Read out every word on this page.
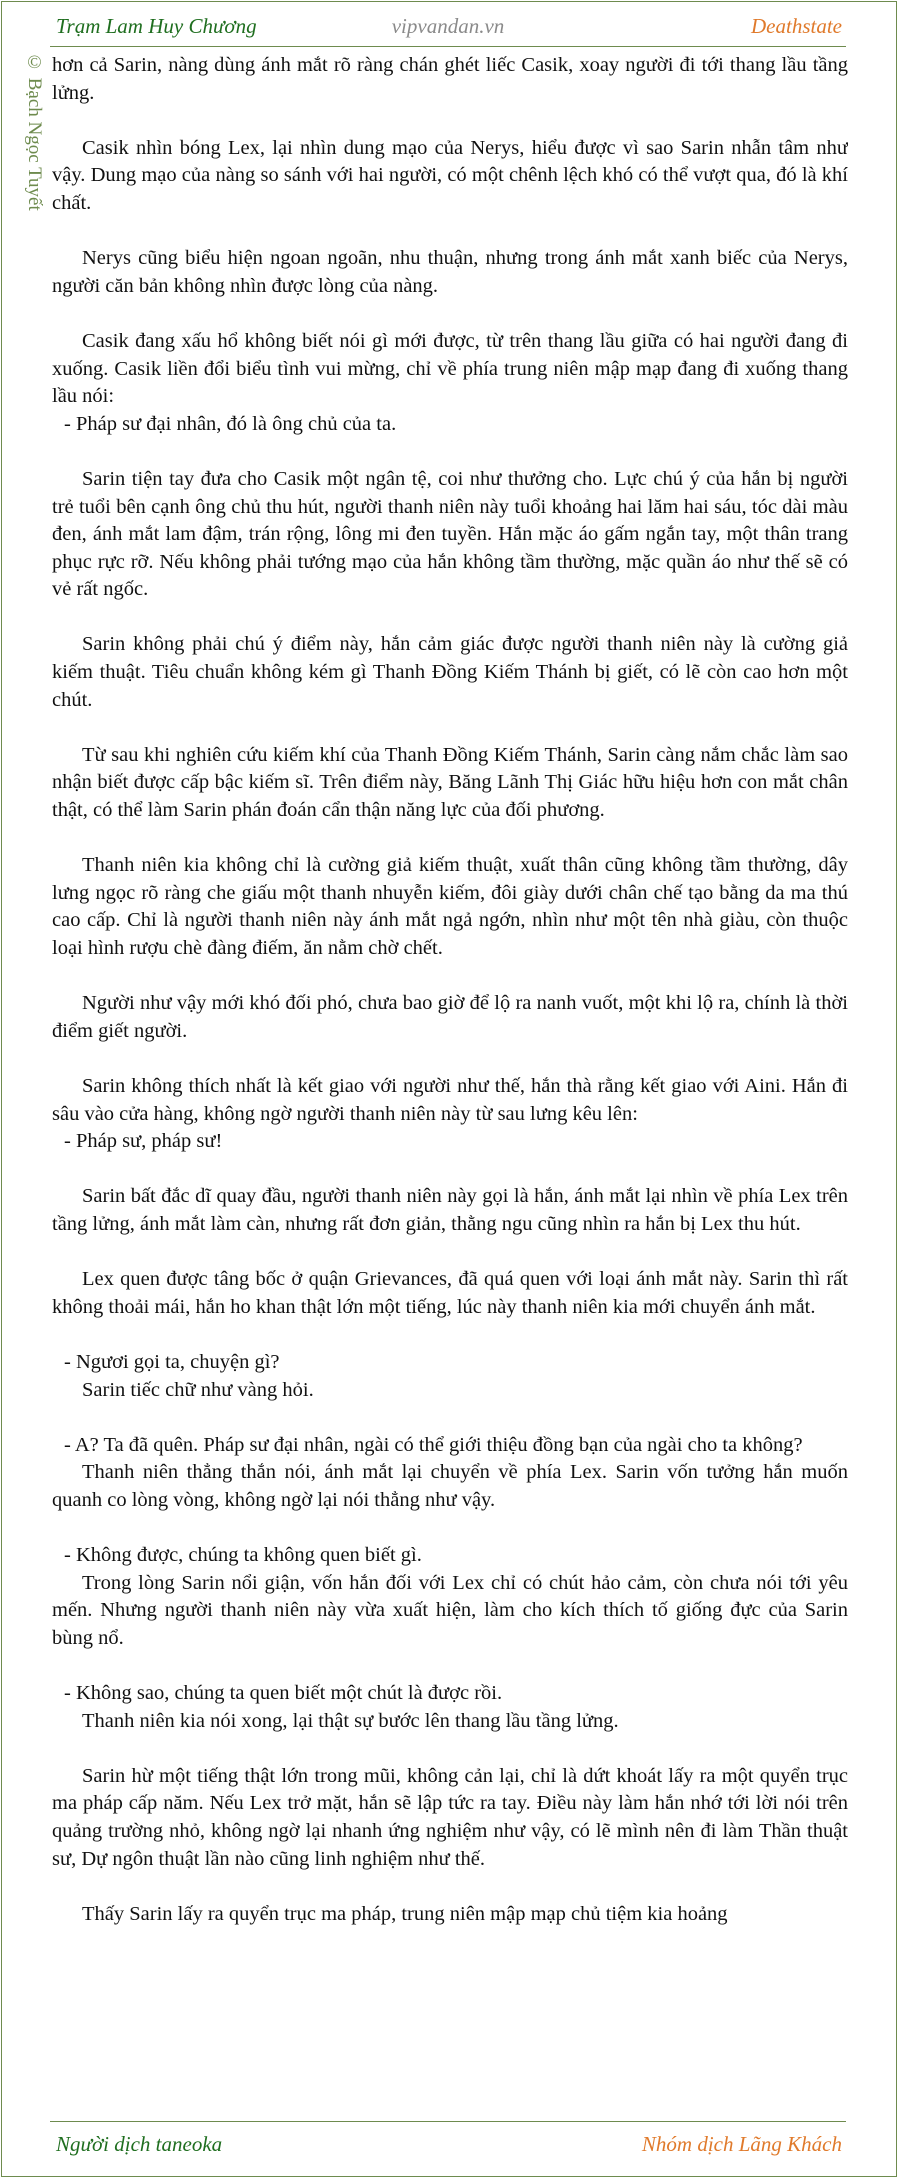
Trạm Lam Huy Chương	vipvandan.vn	Deathstate
© Bạch Ngọc Tuyết hơn cả Sarin, nàng dùng ánh mắt rõ ràng chán ghét liếc Casik, xoay người đi tới thang lầu tầng lửng.

Casik nhìn bóng Lex, lại nhìn dung mạo của Nerys, hiểu được vì sao Sarin nhẫn tâm như vậy. Dung mạo của nàng so sánh với hai người, có một chênh lệch khó có thể vượt qua, đó là khí chất.

Nerys cũng biểu hiện ngoan ngoãn, nhu thuận, nhưng trong ánh mắt xanh biếc của Nerys, người căn bản không nhìn được lòng của nàng.

Casik đang xấu hổ không biết nói gì mới được, từ trên thang lầu giữa có hai người đang đi xuống. Casik liền đổi biểu tình vui mừng, chỉ về phía trung niên mập mạp đang đi xuống thang lầu nói:

- Pháp sư đại nhân, đó là ông chủ của ta.

Sarin tiện tay đưa cho Casik một ngân tệ, coi như thưởng cho. Lực chú ý của hắn bị người trẻ tuổi bên cạnh ông chủ thu hút, người thanh niên này tuổi khoảng hai lăm hai sáu, tóc dài màu đen, ánh mắt lam đậm, trán rộng, lông mi đen tuyền. Hắn mặc áo gấm ngắn tay, một thân trang phục rực rỡ. Nếu không phải tướng mạo của hắn không tầm thường, mặc quần áo như thế sẽ có vẻ rất ngốc.

Sarin không phải chú ý điểm này, hắn cảm giác được người thanh niên này là cường giả kiếm thuật. Tiêu chuẩn không kém gì Thanh Đồng Kiếm Thánh bị giết, có lẽ còn cao hơn một chút.

Từ sau khi nghiên cứu kiếm khí của Thanh Đồng Kiếm Thánh, Sarin càng nắm chắc làm sao nhận biết được cấp bậc kiếm sĩ. Trên điểm này, Băng Lãnh Thị Giác hữu hiệu hơn con mắt chân thật, có thể làm Sarin phán đoán cẩn thận năng lực của đối phương.

Thanh niên kia không chỉ là cường giả kiếm thuật, xuất thân cũng không tầm thường, dây lưng ngọc rõ ràng che giấu một thanh nhuyễn kiếm, đôi giày dưới chân chế tạo bằng da ma thú cao cấp. Chỉ là người thanh niên này ánh mắt ngả ngớn, nhìn như một tên nhà giàu, còn thuộc loại hình rượu chè đàng điếm, ăn nằm chờ chết.

Người như vậy mới khó đối phó, chưa bao giờ để lộ ra nanh vuốt, một khi lộ ra, chính là thời điểm giết người.

Sarin không thích nhất là kết giao với người như thế, hắn thà rằng kết giao với Aini. Hắn đi sâu vào cửa hàng, không ngờ người thanh niên này từ sau lưng kêu lên:

- Pháp sư, pháp sư!

Sarin bất đắc dĩ quay đầu, người thanh niên này gọi là hắn, ánh mắt lại nhìn về phía Lex trên tầng lửng, ánh mắt làm càn, nhưng rất đơn giản, thằng ngu cũng nhìn ra hắn bị Lex thu hút.

Lex quen được tâng bốc ở quận Grievances, đã quá quen với loại ánh mắt này. Sarin thì rất không thoải mái, hắn ho khan thật lớn một tiếng, lúc này thanh niên kia mới chuyển ánh mắt.

- Ngươi gọi ta, chuyện gì?

Sarin tiếc chữ như vàng hỏi.

- A? Ta đã quên. Pháp sư đại nhân, ngài có thể giới thiệu đồng bạn của ngài cho ta không?

Thanh niên thẳng thắn nói, ánh mắt lại chuyển về phía Lex. Sarin vốn tưởng hắn muốn quanh co lòng vòng, không ngờ lại nói thẳng như vậy.

- Không được, chúng ta không quen biết gì.

Trong lòng Sarin nổi giận, vốn hắn đối với Lex chỉ có chút hảo cảm, còn chưa nói tới yêu mến. Nhưng người thanh niên này vừa xuất hiện, làm cho kích thích tố giống đực của Sarin bùng nổ.

- Không sao, chúng ta quen biết một chút là được rồi.

Thanh niên kia nói xong, lại thật sự bước lên thang lầu tầng lửng.

Sarin hừ một tiếng thật lớn trong mũi, không cản lại, chỉ là dứt khoát lấy ra một quyển trục ma pháp cấp năm. Nếu Lex trở mặt, hắn sẽ lập tức ra tay. Điều này làm hắn nhớ tới lời nói trên quảng trường nhỏ, không ngờ lại nhanh ứng nghiệm như vậy, có lẽ mình nên đi làm Thần thuật sư, Dự ngôn thuật lần nào cũng linh nghiệm như thế.

Thấy Sarin lấy ra quyển trục ma pháp, trung niên mập mạp chủ tiệm kia hoảng

Người dịch taneoka	Nhóm dịch Lãng Khách
